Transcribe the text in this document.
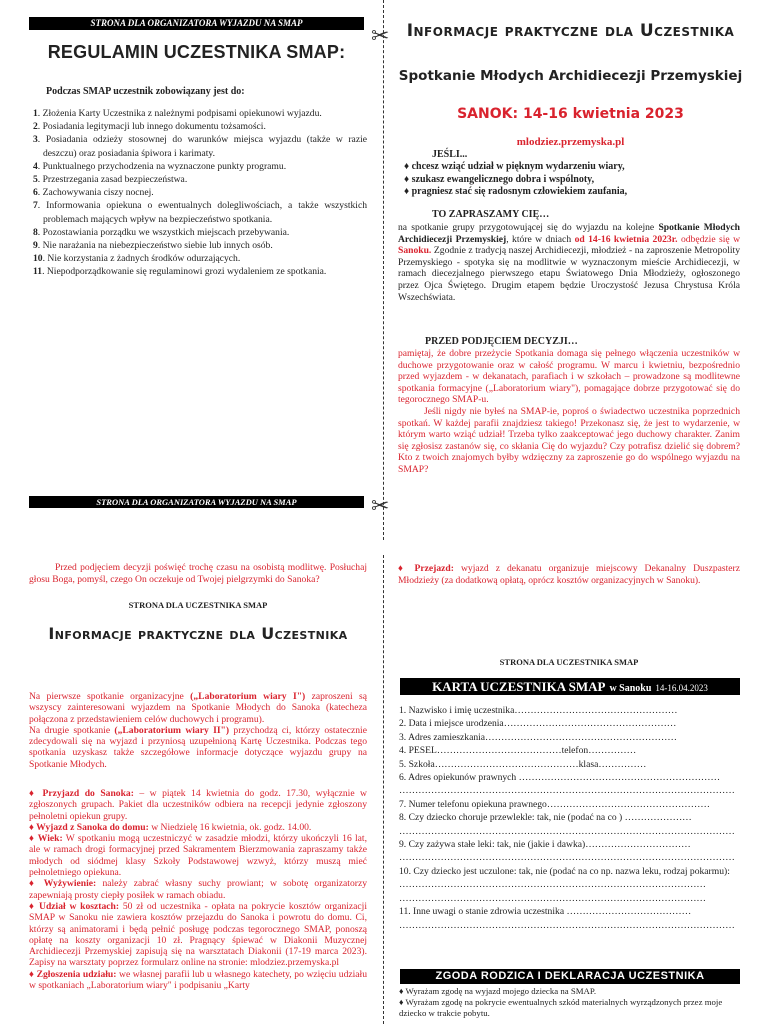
✂
✂
STRONA DLA ORGANIZATORA WYJAZDU NA SMAP
REGULAMIN UCZESTNIKA SMAP:
Podczas SMAP uczestnik zobowiązany jest do:
1. Złożenia Karty Uczestnika z należnymi podpisami opiekunowi wyjazdu.
2. Posiadania legitymacji lub innego dokumentu tożsamości.
3. Posiadania odzieży stosownej do warunków miejsca wyjazdu (także w razie deszczu) oraz posiadania śpiwora i karimaty.
4. Punktualnego przychodzenia na wyznaczone punkty programu.
5. Przestrzegania zasad bezpieczeństwa.
6. Zachowywania ciszy nocnej.
7. Informowania opiekuna o ewentualnych dolegliwościach, a także wszystkich problemach mających wpływ na bezpieczeństwo spotkania.
8. Pozostawiania porządku we wszystkich miejscach przebywania.
9. Nie narażania na niebezpieczeństwo siebie lub innych osób.
10. Nie korzystania z żadnych środków odurzających.
11. Niepodporządkowanie się regulaminowi grozi wydaleniem ze spotkania.
STRONA DLA ORGANIZATORA WYJAZDU NA SMAP
Informacje praktyczne dla Uczestnika
Spotkanie Młodych Archidiecezji Przemyskiej
SANOK: 14-16 kwietnia 2023
mlodziez.przemyska.pl
JEŚLI...
♦ chcesz wziąć udział w pięknym wydarzeniu wiary,
♦ szukasz ewangelicznego dobra i wspólnoty,
♦ pragniesz stać się radosnym człowiekiem zaufania,
TO ZAPRASZAMY CIĘ…
na spotkanie grupy przygotowującej się do wyjazdu na kolejne Spotkanie Młodych Archidiecezji Przemyskiej, które w dniach od 14-16 kwietnia 2023r. odbędzie się w Sanoku. Zgodnie z tradycją naszej Archidiecezji, młodzież - na zaproszenie Metropolity Przemyskiego - spotyka się na modlitwie w wyznaczonym mieście Archidiecezji, w ramach diecezjalnego pierwszego etapu Światowego Dnia Młodzieży, ogłoszonego przez Ojca Świętego. Drugim etapem będzie Uroczystość Jezusa Chrystusa Króla Wszechświata.
PRZED PODJĘCIEM DECYZJI…

pamiętaj, że dobre przeżycie Spotkania domaga się pełnego włączenia uczestników w duchowe przygotowanie oraz w całość programu. W marcu i kwietniu, bezpośrednio przed wyjazdem - w dekanatach, parafiach i w szkołach – prowadzone są modlitewne spotkania formacyjne („Laboratorium wiary"), pomagające dobrze przygotować się do tegorocznego SMAP-u.

Jeśli nigdy nie byłeś na SMAP-ie, poproś o świadectwo uczestnika poprzednich spotkań. W każdej parafii znajdziesz takiego! Przekonasz się, że jest to wydarzenie, w którym warto wziąć udział! Trzeba tylko zaakceptować jego duchowy charakter. Zanim się zgłosisz zastanów się, co skłania Cię do wyjazdu? Czy potrafisz dzielić się dobrem? Kto z twoich znajomych byłby wdzięczny za zaproszenie go do wspólnego wyjazdu na SMAP?

Przed podjęciem decyzji poświęć trochę czasu na osobistą modlitwę. Posłuchaj głosu Boga, pomyśl, czego On oczekuje od Twojej pielgrzymki do Sanoka?
STRONA DLA UCZESTNIKA SMAP
Informacje praktyczne dla Uczestnika

Na pierwsze spotkanie organizacyjne („Laboratorium wiary I") zaproszeni są wszyscy zainteresowani wyjazdem na Spotkanie Młodych do Sanoka (katecheza połączona z przedstawieniem celów duchowych i programu).

Na drugie spotkanie („Laboratorium wiary II") przychodzą ci, którzy ostatecznie zdecydowali się na wyjazd i przyniosą uzupełnioną Kartę Uczestnika. Podczas tego spotkania uzyskasz także szczegółowe informacje dotyczące wyjazdu grupy na Spotkanie Młodych.

♦ Przyjazd do Sanoka: – w piątek 14 kwietnia do godz. 17.30, wyłącznie w zgłoszonych grupach. Pakiet dla uczestników odbiera na recepcji jedynie zgłoszony pełnoletni opiekun grupy.

♦ Wyjazd z Sanoka do domu: w Niedzielę 16 kwietnia, ok. godz. 14.00.

♦ Wiek: W spotkaniu mogą uczestniczyć w zasadzie młodzi, którzy ukończyli 16 lat, ale w ramach drogi formacyjnej przed Sakramentem Bierzmowania zapraszamy także młodych od siódmej klasy Szkoły Podstawowej wzwyż, którzy muszą mieć pełnoletniego opiekuna.

♦ Wyżywienie: należy zabrać własny suchy prowiant; w sobotę organizatorzy zapewniają prosty ciepły posiłek w ramach obiadu.

♦ Udział w kosztach: 50 zł od uczestnika - opłata na pokrycie kosztów organizacji SMAP w Sanoku nie zawiera kosztów przejazdu do Sanoka i powrotu do domu. Ci, którzy są animatorami i będą pełnić posługę podczas tegorocznego SMAP, ponoszą opłatę na koszty organizacji 10 zł. Pragnący śpiewać w Diakonii Muzycznej Archidiecezji Przemyskiej zapisują się na warsztatach Diakonii (17-19 marca 2023). Zapisy na warsztaty poprzez formularz online na stronie: mlodziez.przemyska.pl

♦ Zgłoszenia udziału: we własnej parafii lub u własnego katechety, po wzięciu udziału w spotkaniach „Laboratorium wiary" i podpisaniu „Karty

♦ Przejazd: wyjazd z dekanatu organizuje miejscowy Dekanalny Duszpasterz Młodzieży (za dodatkową opłatą, oprócz kosztów organizacyjnych w Sanoku).
STRONA DLA UCZESTNIKA SMAP
KARTA UCZESTNIKA SMAP w Sanoku 14-16.04.2023
1. Nazwisko i imię uczestnika……………………………………………
2. Data i miejsce urodzenia………………………………………………
3. Adres zamieszkania……………………………………………………
4. PESEL…………………………………telefon……………
5. Szkoła………………………………………klasa……………
6. Adres opiekunów prawnych ………………………………………………………
……………………………………………………………………………………………
7. Numer telefonu opiekuna prawnego……………………………………………
8. Czy dziecko choruje przewlekle: tak, nie (podać na co ) …………………
……………………………………………………………………………………………
9. Czy zażywa stałe leki: tak, nie (jakie i dawka)……………………………
……………………………………………………………………………………………
10. Czy dziecko jest uczulone: tak, nie (podać na co np. nazwa leku, rodzaj pokarmu):
……………………………………………………………………………………
……………………………………………………………………………………
11. Inne uwagi o stanie zdrowia uczestnika …………………………………
……………………………………………………………………………………………
ZGODA RODZICA I DEKLARACJA UCZESTNIKA
♦ Wyrażam zgodę na wyjazd mojego dziecka na SMAP.
♦ Wyrażam zgodę na pokrycie ewentualnych szkód materialnych wyrządzonych przez moje dziecko w trakcie pobytu.
